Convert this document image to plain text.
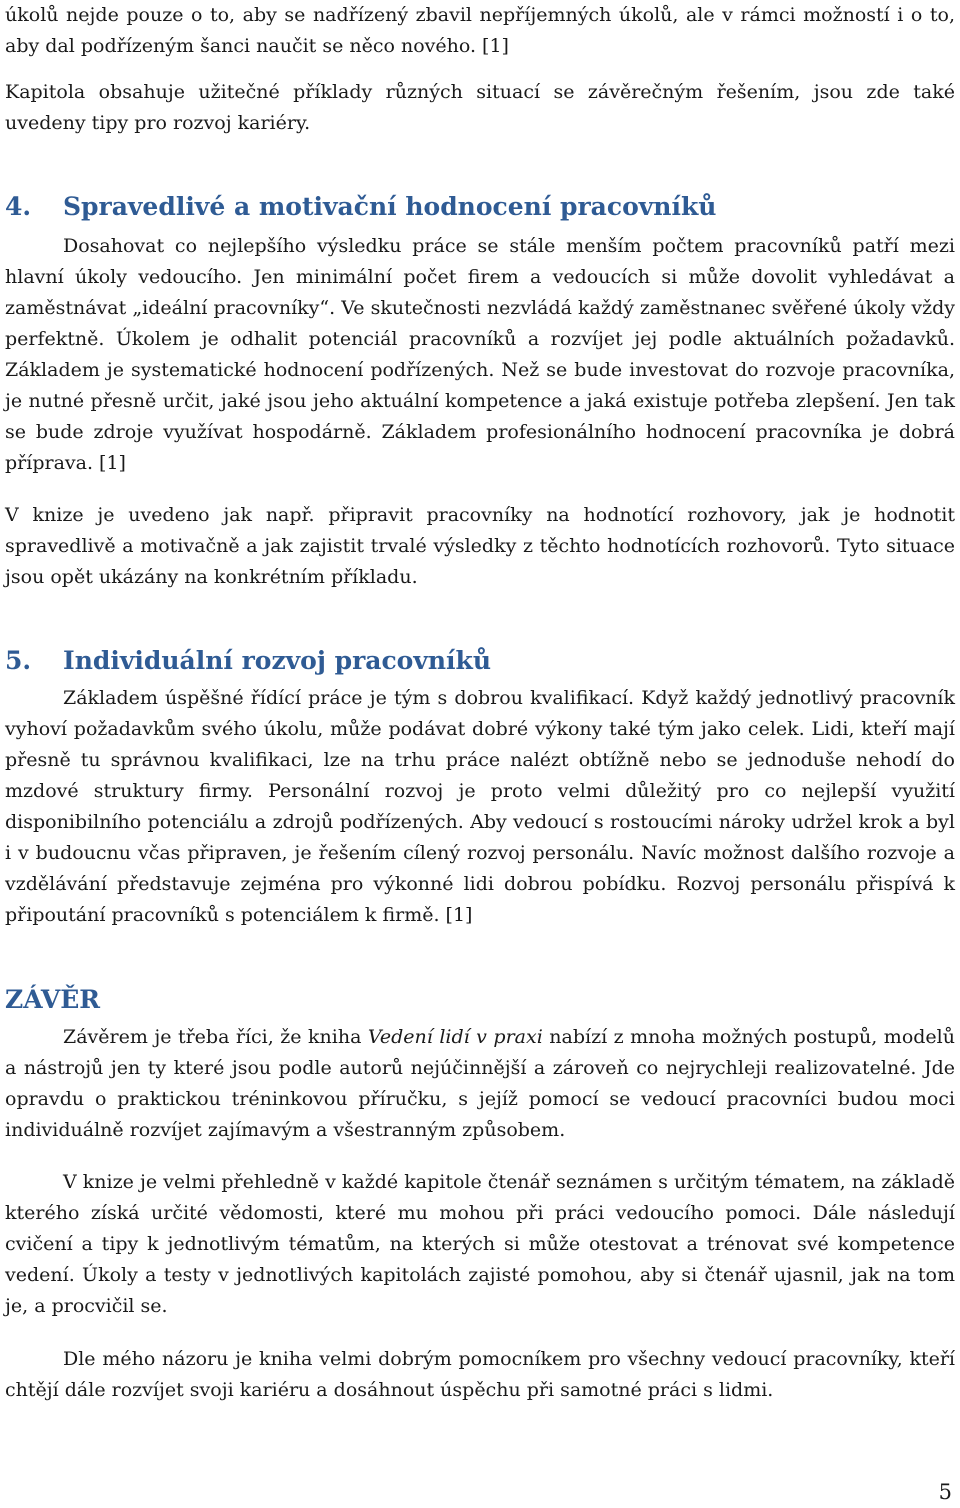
úkolů nejde pouze o to, aby se nadřízený zbavil nepříjemných úkolů, ale v rámci možností i o to, aby dal podřízeným šanci naučit se něco nového. [1]

Kapitola obsahuje užitečné příklady různých situací se závěrečným řešením, jsou zde také uvedeny tipy pro rozvoj kariéry.

4. Spravedlivé a motivační hodnocení pracovníků

Dosahovat co nejlepšího výsledku práce se stále menším počtem pracovníků patří mezi hlavní úkoly vedoucího. Jen minimální počet firem a vedoucích si může dovolit vyhledávat a zaměstnávat „ideální pracovníky“. Ve skutečnosti nezvládá každý zaměstnanec svěřené úkoly vždy perfektně. Úkolem je odhalit potenciál pracovníků a rozvíjet jej podle aktuálních požadavků. Základem je systematické hodnocení podřízených. Než se bude investovat do rozvoje pracovníka, je nutné přesně určit, jaké jsou jeho aktuální kompetence a jaká existuje potřeba zlepšení. Jen tak se bude zdroje využívat hospodárně. Základem profesionálního hodnocení pracovníka je dobrá příprava. [1]

V knize je uvedeno jak např. připravit pracovníky na hodnotící rozhovory, jak je hodnotit spravedlivě a motivačně a jak zajistit trvalé výsledky z těchto hodnotících rozhovorů. Tyto situace jsou opět ukázány na konkrétním příkladu.

5. Individuální rozvoj pracovníků

Základem úspěšné řídící práce je tým s dobrou kvalifikací. Když každý jednotlivý pracovník vyhoví požadavkům svého úkolu, může podávat dobré výkony také tým jako celek. Lidi, kteří mají přesně tu správnou kvalifikaci, lze na trhu práce nalézt obtížně nebo se jednoduše nehodí do mzdové struktury firmy. Personální rozvoj je proto velmi důležitý pro co nejlepší využití disponibilního potenciálu a zdrojů podřízených. Aby vedoucí s rostoucími nároky udržel krok a byl i v budoucnu včas připraven, je řešením cílený rozvoj personálu. Navíc možnost dalšího rozvoje a vzdělávání představuje zejména pro výkonné lidi dobrou pobídku. Rozvoj personálu přispívá k připoutání pracovníků s potenciálem k firmě. [1]

ZÁVĚR

Závěrem je třeba říci, že kniha Vedení lidí v praxi nabízí z mnoha možných postupů, modelů a nástrojů jen ty které jsou podle autorů nejúčinnější a zároveň co nejrychleji realizovatelné. Jde opravdu o praktickou tréninkovou příručku, s jejíž pomocí se vedoucí pracovníci budou moci individuálně rozvíjet zajímavým a všestranným způsobem.

V knize je velmi přehledně v každé kapitole čtenář seznámen s určitým tématem, na základě kterého získá určité vědomosti, které mu mohou při práci vedoucího pomoci. Dále následují cvičení a tipy k jednotlivým tématům, na kterých si může otestovat a trénovat své kompetence vedení. Úkoly a testy v jednotlivých kapitolách zajisté pomohou, aby si čtenář ujasnil, jak na tom je, a procvičil se.

Dle mého názoru je kniha velmi dobrým pomocníkem pro všechny vedoucí pracovníky, kteří chtějí dále rozvíjet svoji kariéru a dosáhnout úspěchu při samotné práci s lidmi.

5
